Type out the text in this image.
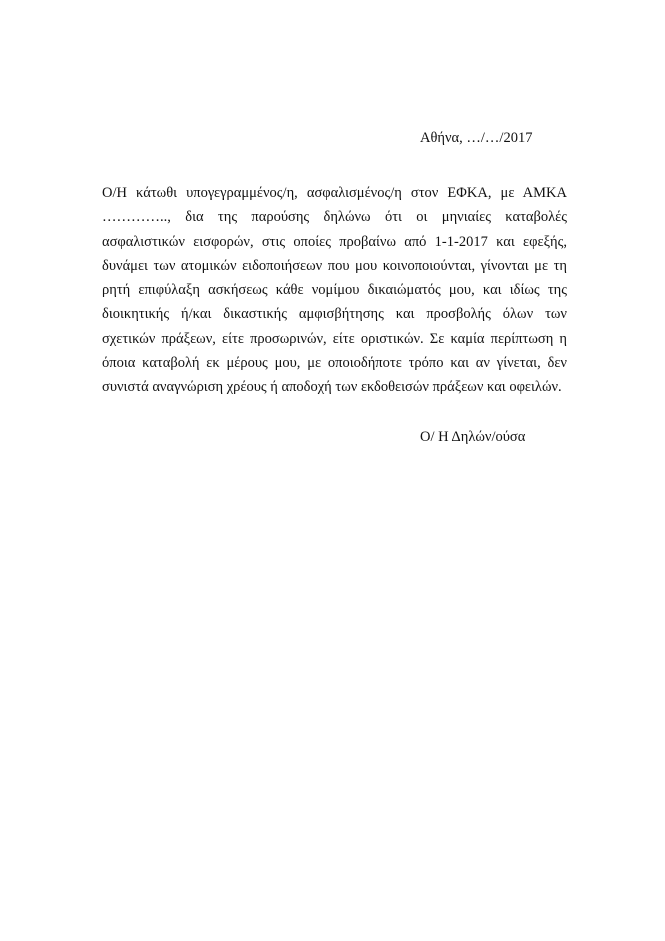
Αθήνα, …/…/2017
Ο/Η κάτωθι υπογεγραμμένος/η, ασφαλισμένος/η στον ΕΦΚΑ, με ΑΜΚΑ
………….., δια της παρούσης δηλώνω ότι οι μηνιαίες καταβολές
ασφαλιστικών εισφορών, στις οποίες προβαίνω από 1-1-2017 και εφεξής,
δυνάμει των ατομικών ειδοποιήσεων που μου κοινοποιούνται, γίνονται με τη
ρητή επιφύλαξη ασκήσεως κάθε νομίμου δικαιώματός μου, και ιδίως της
διοικητικής ή/και δικαστικής αμφισβήτησης και προσβολής όλων των
σχετικών πράξεων, είτε προσωρινών, είτε οριστικών. Σε καμία περίπτωση η
όποια καταβολή εκ μέρους μου, με οποιοδήποτε τρόπο και αν γίνεται, δεν
συνιστά αναγνώριση χρέους ή αποδοχή των εκδοθεισών πράξεων και οφειλών.
Ο/ Η Δηλών/ούσα
